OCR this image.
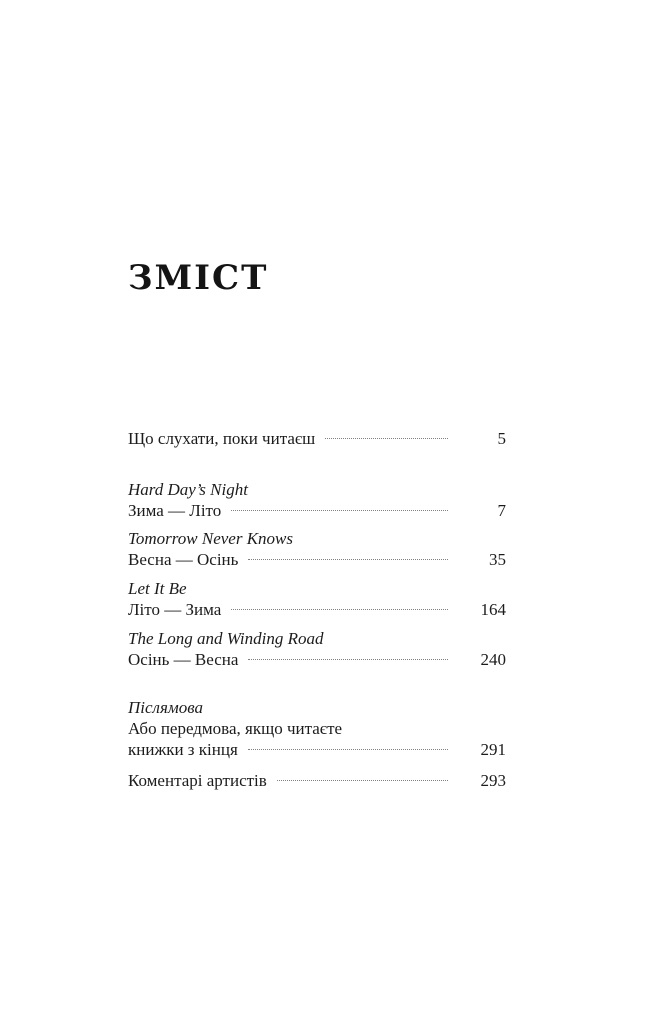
ЗМІСТ
Що слухати, поки читаєш	5
Hard Day’s Night
Зима — Літо	7
Tomorrow Never Knows
Весна — Осінь	35
Let It Be
Літо — Зима	164
The Long and Winding Road
Осінь — Весна	240
Післямова
Або передмова, якщо читаєте
книжки з кінця	291
Коментарі артистів	293
